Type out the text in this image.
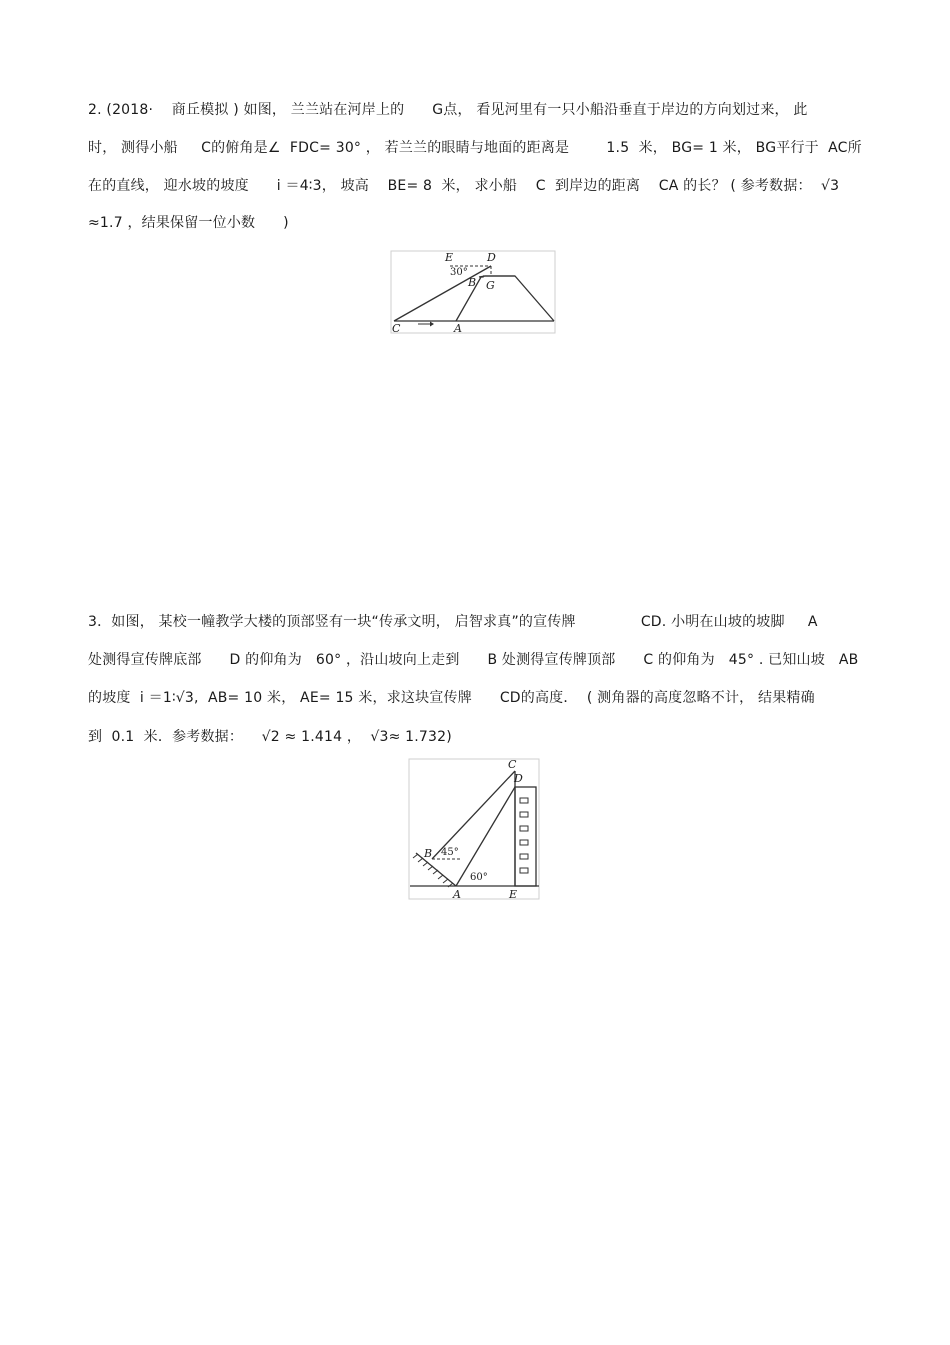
2. (2018·    商丘模拟 ) 如图， 兰兰站在河岸上的      G点， 看见河里有一只小船沿垂直于岸边的方向划过来， 此
时， 测得小船     C的俯角是∠  FDC= 30° ， 若兰兰的眼睛与地面的距离是        1.5  米， BG= 1 米， BG平行于  AC所
在的直线， 迎水坡的坡度      i ＝4∶3， 坡高    BE= 8  米， 求小船    C  到岸边的距离    CA 的长？ ( 参考数据：  √3
≈1.7 ，结果保留一位小数      )
E	D
30°
B G
C	A
3．如图， 某校一幢教学大楼的顶部竖有一块“传承文明， 启智求真”的宣传牌              CD. 小明在山坡的坡脚     A
处测得宣传牌底部      D 的仰角为   60° ，沿山坡向上走到      B 处测得宣传牌顶部      C 的仰角为   45° . 已知山坡   AB
的坡度  i ＝1∶√3,  AB= 10 米， AE= 15 米，求这块宣传牌      CD的高度．  ( 测角器的高度忽略不计， 结果精确
到  0.1  米．参考数据：    √2 ≈ 1.414 ，  √3≈ 1.732)
C
D
B 45°
60°
A	E
